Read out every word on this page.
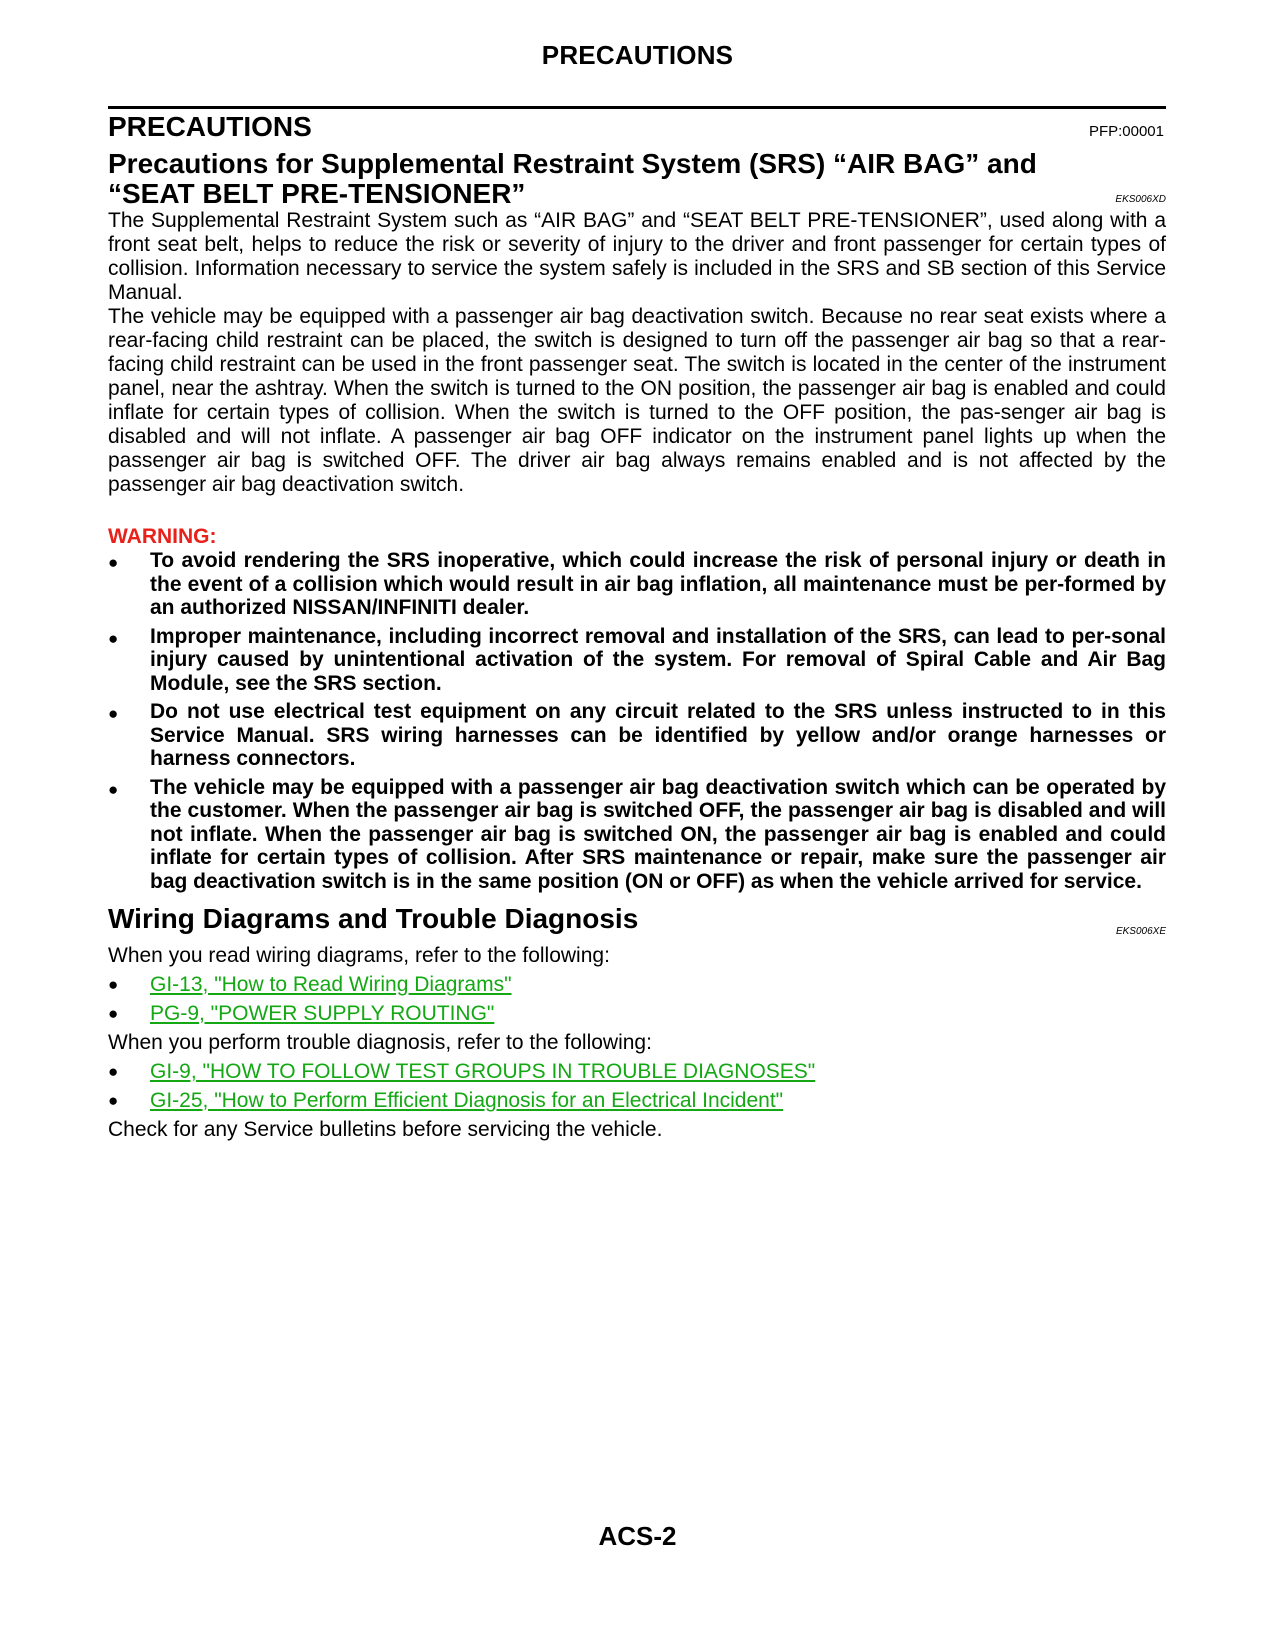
PRECAUTIONS
PRECAUTIONS	PFP:00001
Precautions for Supplemental Restraint System (SRS) “AIR BAG” and “SEAT BELT PRE-TENSIONER”	EKS006XD

The Supplemental Restraint System such as “AIR BAG” and “SEAT BELT PRE-TENSIONER”, used along with a front seat belt, helps to reduce the risk or severity of injury to the driver and front passenger for certain types of collision. Information necessary to service the system safely is included in the SRS and SB section of this Service Manual.

The vehicle may be equipped with a passenger air bag deactivation switch. Because no rear seat exists where a rear-facing child restraint can be placed, the switch is designed to turn off the passenger air bag so that a rear-facing child restraint can be used in the front passenger seat. The switch is located in the center of the instrument panel, near the ashtray. When the switch is turned to the ON position, the passenger air bag is enabled and could inflate for certain types of collision. When the switch is turned to the OFF position, the pas-senger air bag is disabled and will not inflate. A passenger air bag OFF indicator on the instrument panel lights up when the passenger air bag is switched OFF. The driver air bag always remains enabled and is not affected by the passenger air bag deactivation switch.

WARNING:
● To avoid rendering the SRS inoperative, which could increase the risk of personal injury or death in the event of a collision which would result in air bag inflation, all maintenance must be per-formed by an authorized NISSAN/INFINITI dealer.
● Improper maintenance, including incorrect removal and installation of the SRS, can lead to per-sonal injury caused by unintentional activation of the system. For removal of Spiral Cable and Air Bag Module, see the SRS section.
● Do not use electrical test equipment on any circuit related to the SRS unless instructed to in this Service Manual. SRS wiring harnesses can be identified by yellow and/or orange harnesses or harness connectors.
● The vehicle may be equipped with a passenger air bag deactivation switch which can be operated by the customer. When the passenger air bag is switched OFF, the passenger air bag is disabled and will not inflate. When the passenger air bag is switched ON, the passenger air bag is enabled and could inflate for certain types of collision. After SRS maintenance or repair, make sure the passenger air bag deactivation switch is in the same position (ON or OFF) as when the vehicle arrived for service.
Wiring Diagrams and Trouble Diagnosis	EKS006XE
When you read wiring diagrams, refer to the following:
● GI-13, "How to Read Wiring Diagrams"
● PG-9, "POWER SUPPLY ROUTING"
When you perform trouble diagnosis, refer to the following:
● GI-9, "HOW TO FOLLOW TEST GROUPS IN TROUBLE DIAGNOSES"
● GI-25, "How to Perform Efficient Diagnosis for an Electrical Incident"
Check for any Service bulletins before servicing the vehicle.
ACS-2
